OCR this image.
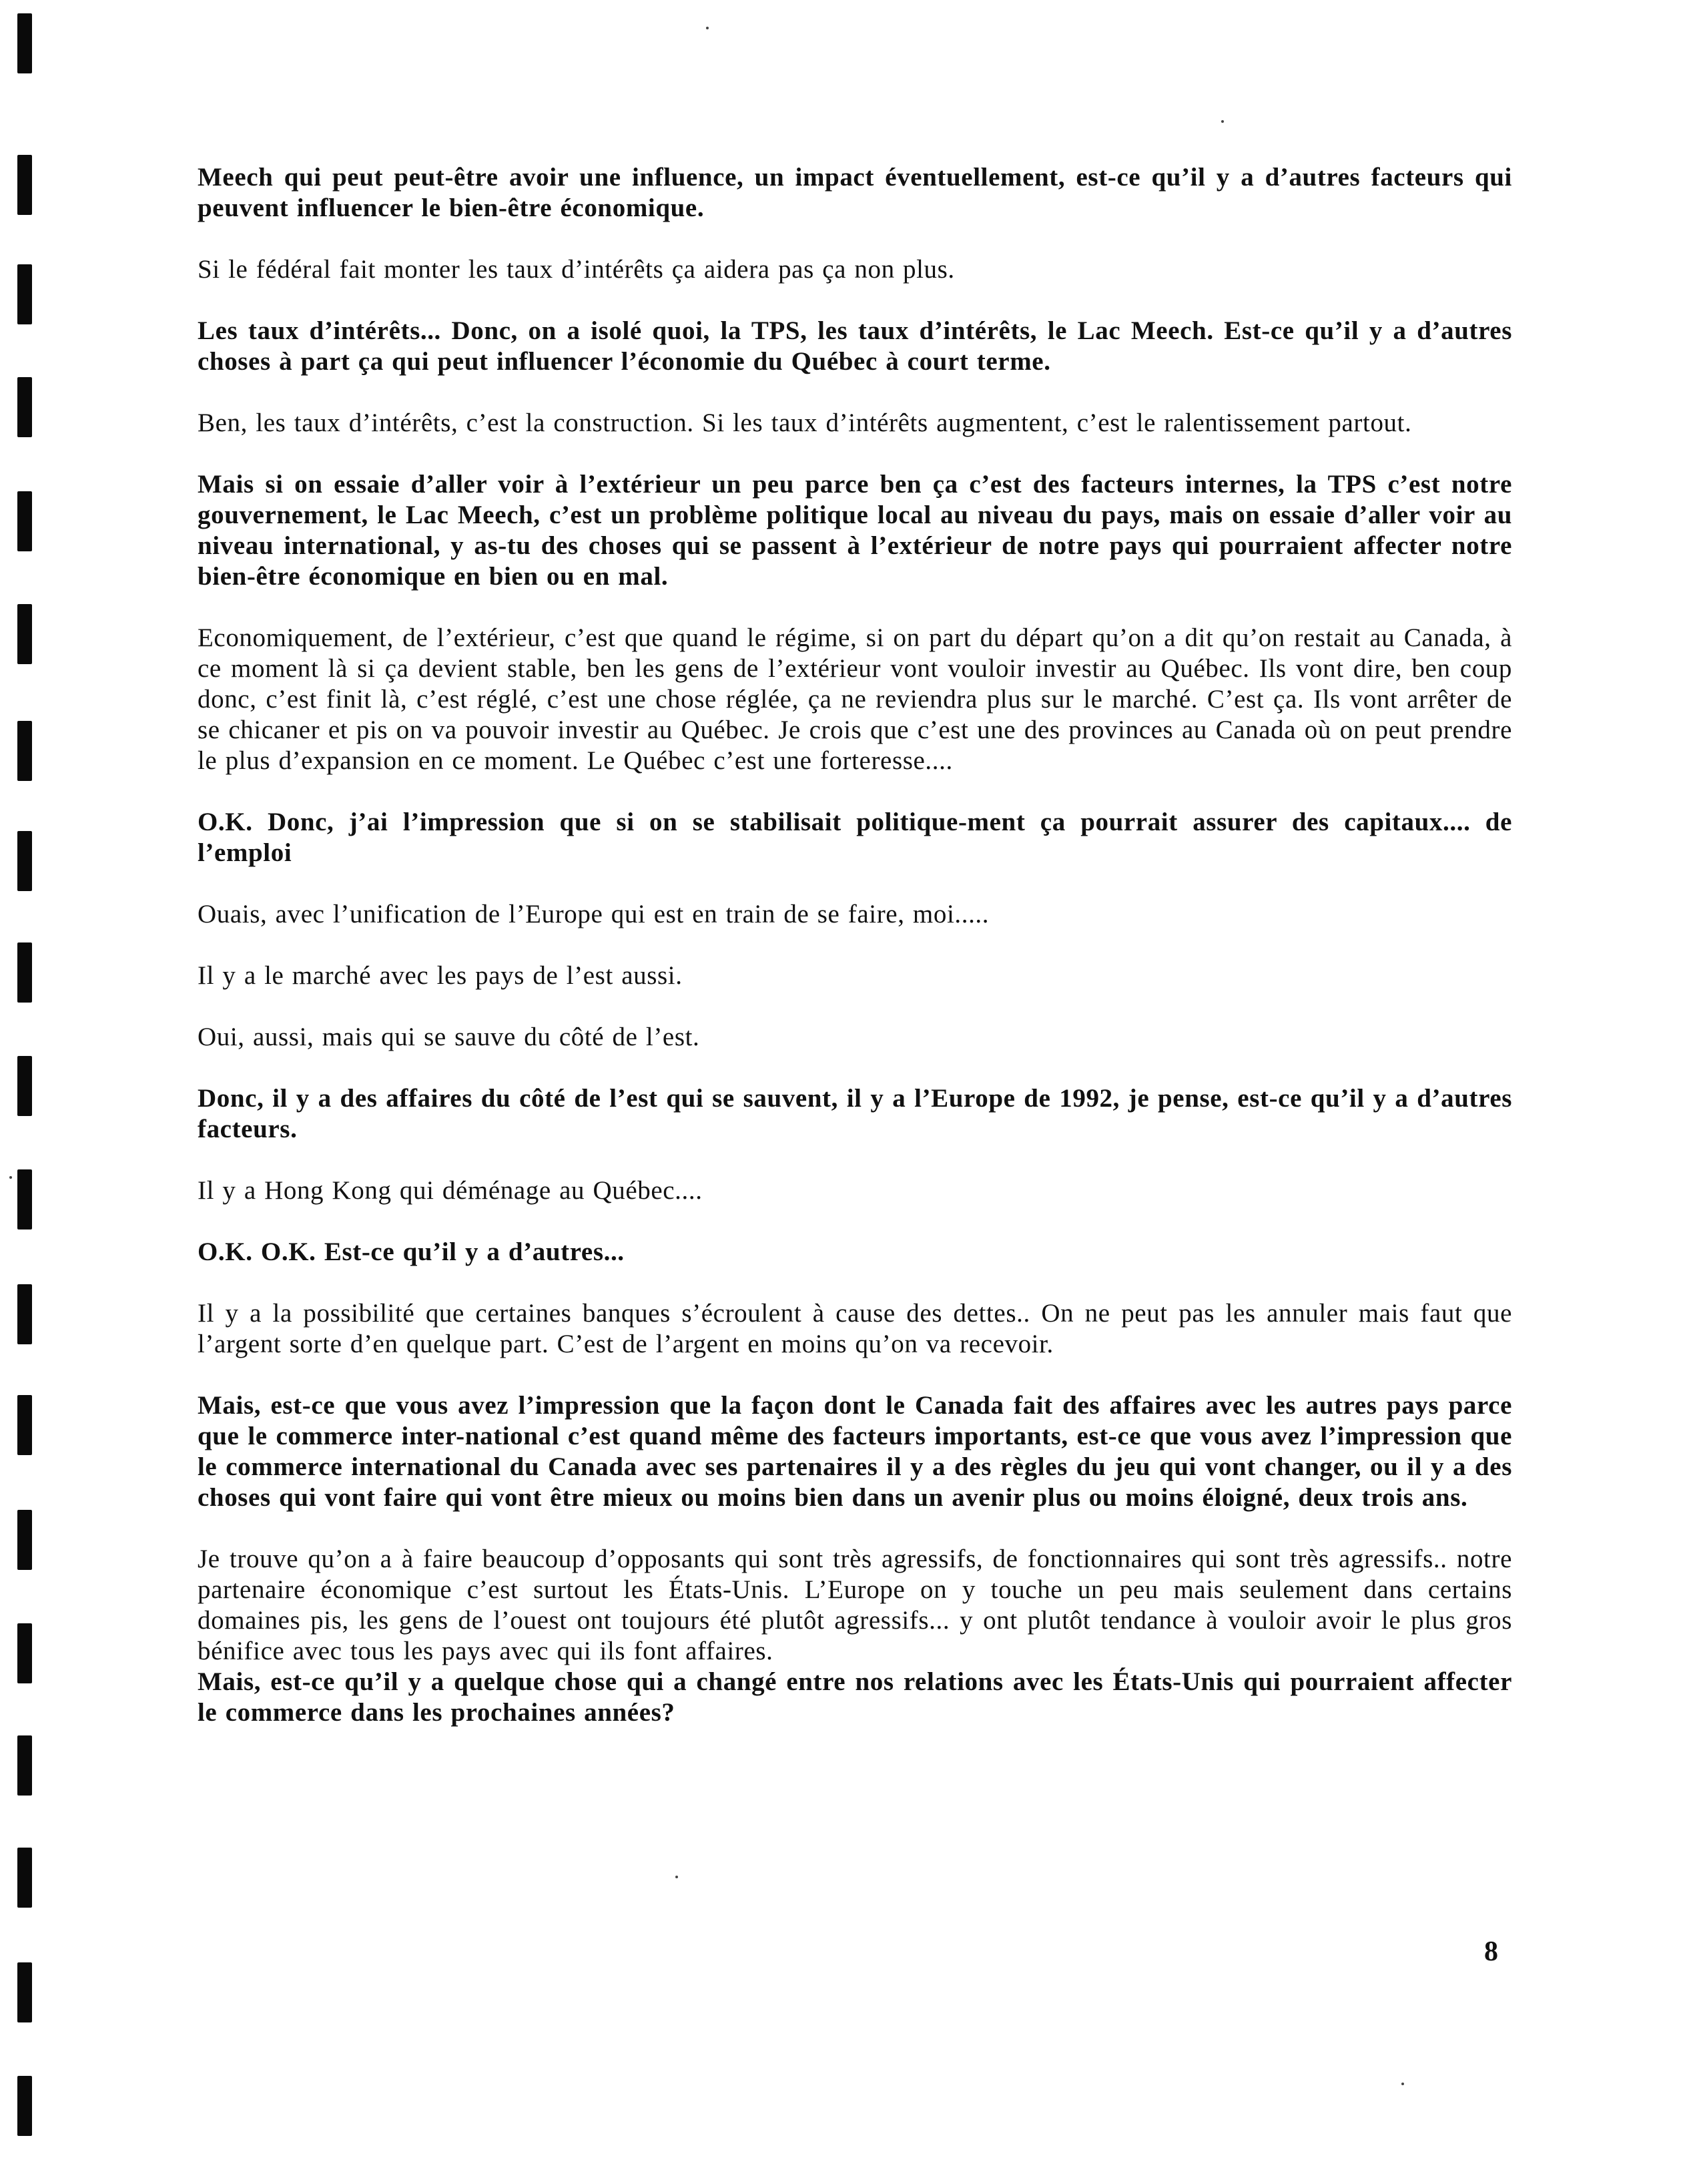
Meech qui peut peut-être avoir une influence, un impact éventuellement, est-ce qu’il y a d’autres facteurs qui peuvent influencer le bien-être économique.

Si le fédéral fait monter les taux d’intérêts ça aidera pas ça non plus.

Les taux d’intérêts... Donc, on a isolé quoi, la TPS, les taux d’intérêts, le Lac Meech. Est-ce qu’il y a d’autres choses à part ça qui peut influencer l’économie du Québec à court terme.

Ben, les taux d’intérêts, c’est la construction. Si les taux d’intérêts augmentent, c’est le ralentissement partout.

Mais si on essaie d’aller voir à l’extérieur un peu parce ben ça c’est des facteurs internes, la TPS c’est notre gouvernement, le Lac Meech, c’est un problème politique local au niveau du pays, mais on essaie d’aller voir au niveau international, y as-tu des choses qui se passent à l’extérieur de notre pays qui pourraient affecter notre bien-être économique en bien ou en mal.

Economiquement, de l’extérieur, c’est que quand le régime, si on part du départ qu’on a dit qu’on restait au Canada, à ce moment là si ça devient stable, ben les gens de l’extérieur vont vouloir investir au Québec. Ils vont dire, ben coup donc, c’est finit là, c’est réglé, c’est une chose réglée, ça ne reviendra plus sur le marché. C’est ça. Ils vont arrêter de se chicaner et pis on va pouvoir investir au Québec. Je crois que c’est une des provinces au Canada où on peut prendre le plus d’expansion en ce moment. Le Québec c’est une forteresse....

O.K. Donc, j’ai l’impression que si on se stabilisait politique-ment ça pourrait assurer des capitaux.... de l’emploi

Ouais, avec l’unification de l’Europe qui est en train de se faire, moi.....

Il y a le marché avec les pays de l’est aussi.

Oui, aussi, mais qui se sauve du côté de l’est.

Donc, il y a des affaires du côté de l’est qui se sauvent, il y a l’Europe de 1992, je pense, est-ce qu’il y a d’autres facteurs.

Il y a Hong Kong qui déménage au Québec....

O.K. O.K. Est-ce qu’il y a d’autres...

Il y a la possibilité que certaines banques s’écroulent à cause des dettes.. On ne peut pas les annuler mais faut que l’argent sorte d’en quelque part. C’est de l’argent en moins qu’on va recevoir.

Mais, est-ce que vous avez l’impression que la façon dont le Canada fait des affaires avec les autres pays parce que le commerce inter-national c’est quand même des facteurs importants, est-ce que vous avez l’impression que le commerce international du Canada avec ses partenaires il y a des règles du jeu qui vont changer, ou il y a des choses qui vont faire qui vont être mieux ou moins bien dans un avenir plus ou moins éloigné, deux trois ans.

Je trouve qu’on a à faire beaucoup d’opposants qui sont très agressifs, de fonctionnaires qui sont très agressifs.. notre partenaire économique c’est surtout les États-Unis. L’Europe on y touche un peu mais seulement dans certains domaines pis, les gens de l’ouest ont toujours été plutôt agressifs... y ont plutôt tendance à vouloir avoir le plus gros bénifice avec tous les pays avec qui ils font affaires.

Mais, est-ce qu’il y a quelque chose qui a changé entre nos relations avec les États-Unis qui pourraient affecter le commerce dans les prochaines années?

8
